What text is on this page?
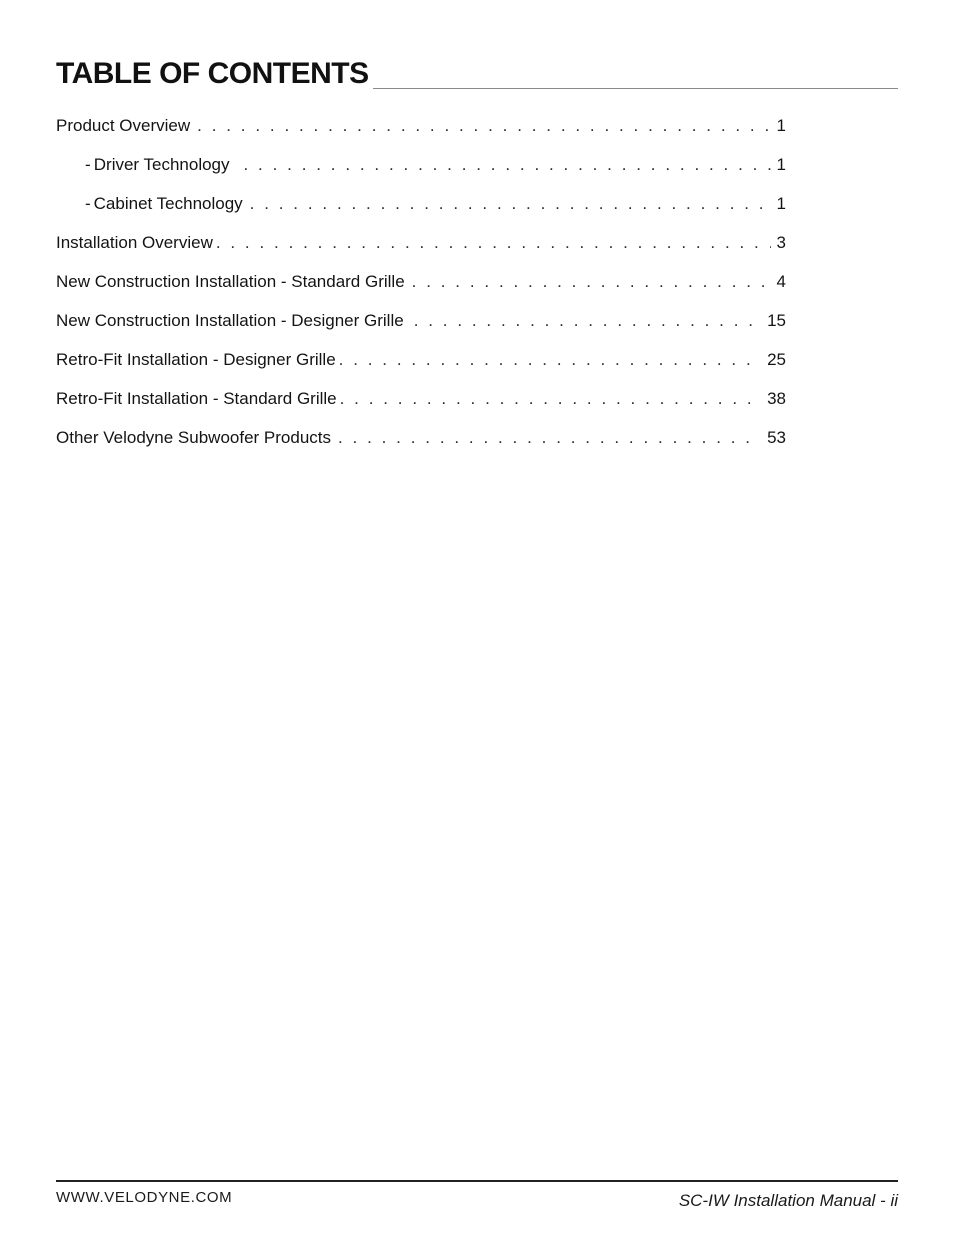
TABLE OF CONTENTS
Product Overview . . .	1
- Driver Technology . . .	1
- Cabinet Technology . . .	1
Installation Overview . . .	3
New Construction Installation - Standard Grille . . .	4
New Construction Installation - Designer Grille . . .	15
Retro-Fit Installation - Designer Grille . . .	25
Retro-Fit Installation - Standard Grille . . .	38
Other Velodyne Subwoofer Products . . .	53
WWW.VELODYNE.COM	SC-IW Installation Manual - ii
